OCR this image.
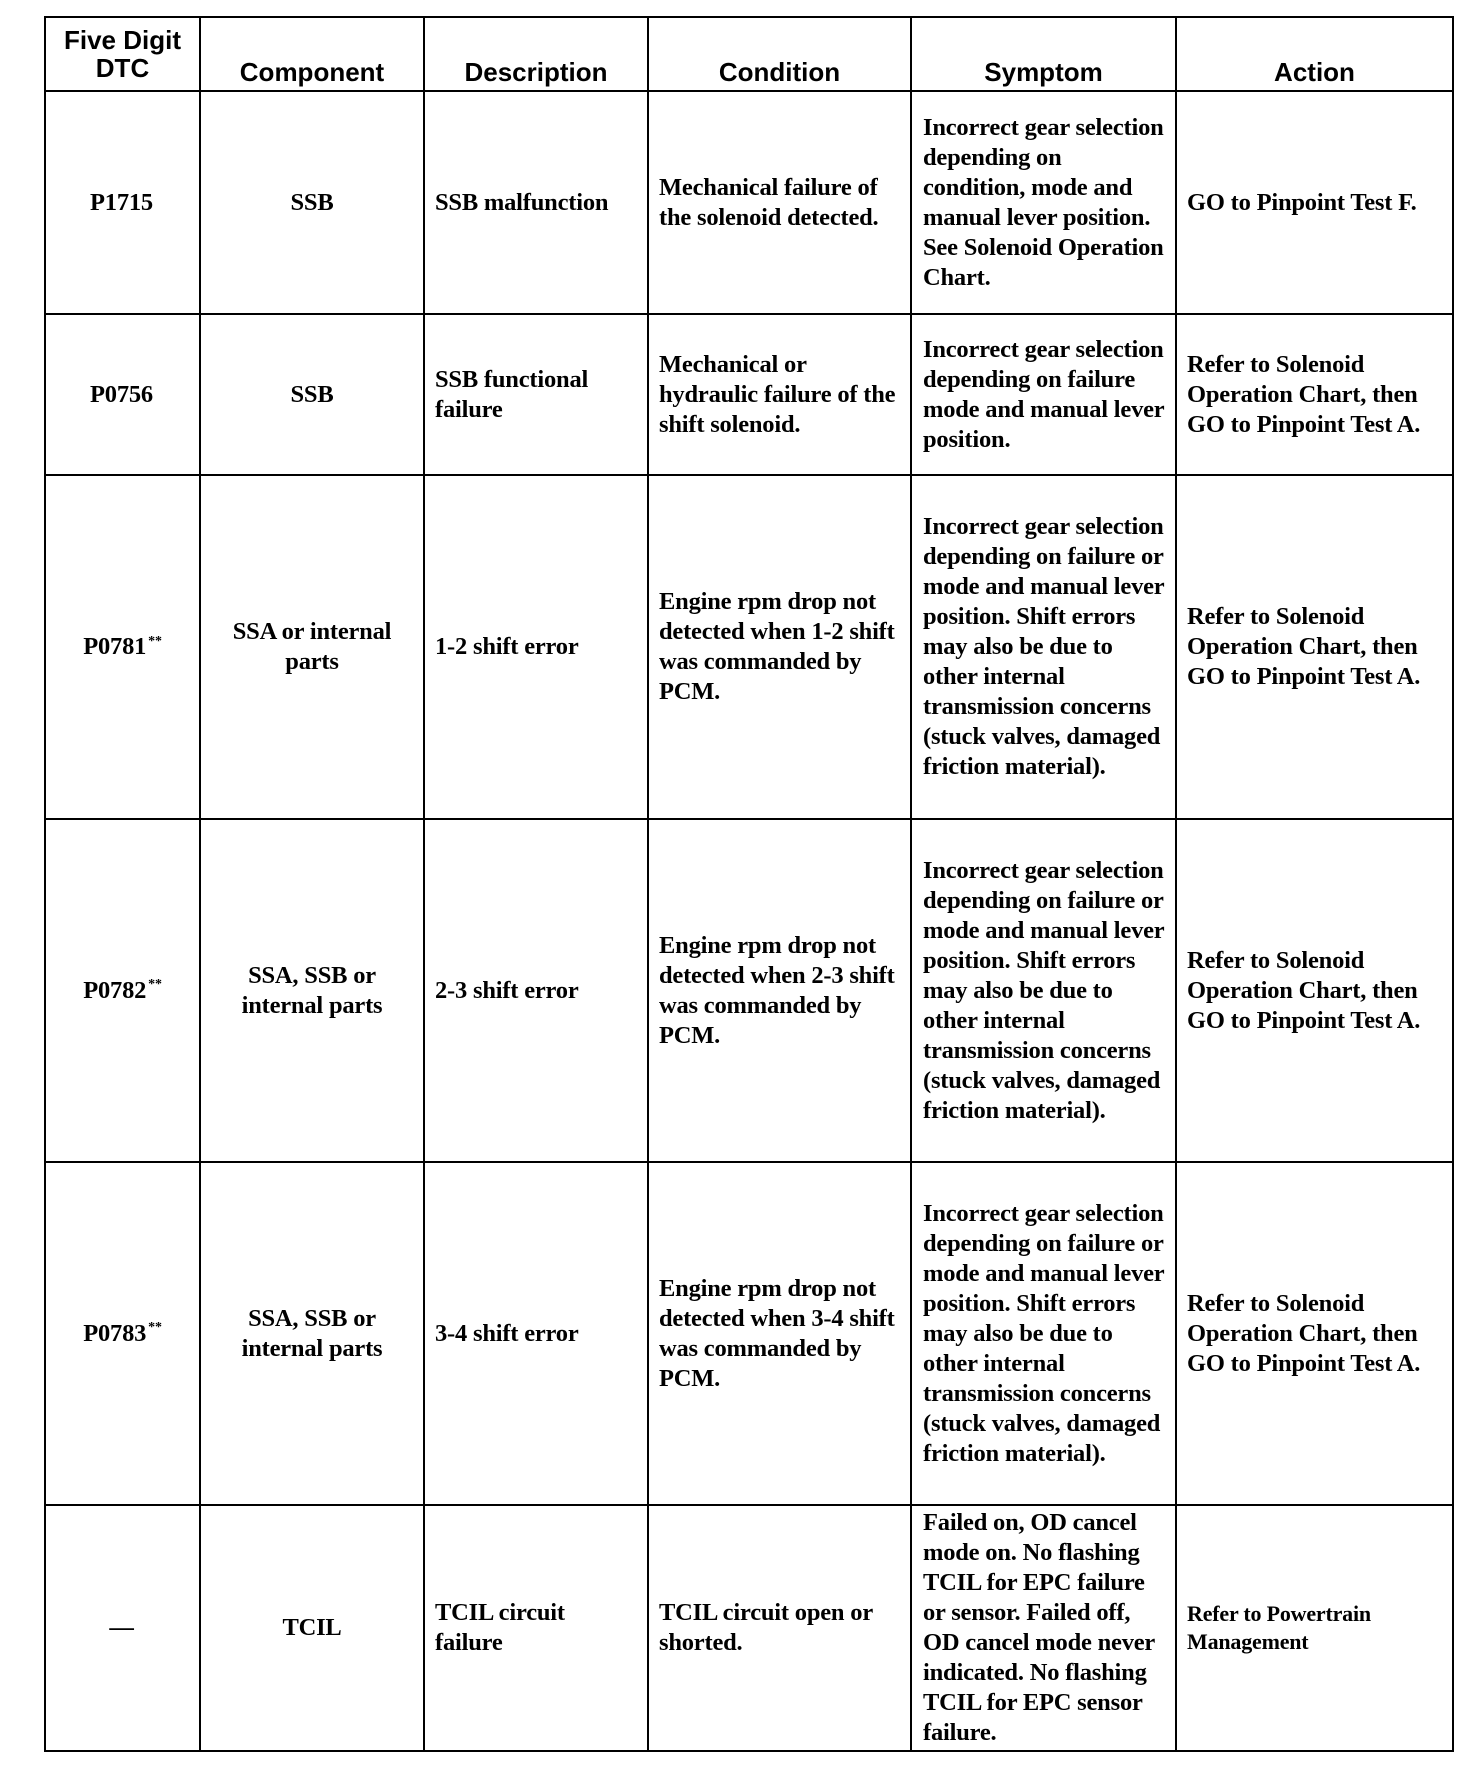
Five Digit DTC	Component	Description	Condition	Symptom	Action
P1715	SSB	SSB malfunction	Mechanical failure of the solenoid detected.	Incorrect gear selection depending on condition, mode and manual lever position. See Solenoid Operation Chart.	GO to Pinpoint Test F.
P0756	SSB	SSB functional failure	Mechanical or hydraulic failure of the shift solenoid.	Incorrect gear selection depending on failure mode and manual lever position.	Refer to Solenoid Operation Chart, then GO to Pinpoint Test A.
P0781 **	SSA or internal parts	1-2 shift error	Engine rpm drop not detected when 1-2 shift was commanded by PCM.	Incorrect gear selection depending on failure or mode and manual lever position. Shift errors may also be due to other internal transmission concerns (stuck valves, damaged friction material).	Refer to Solenoid Operation Chart, then GO to Pinpoint Test A.
P0782 **	SSA, SSB or internal parts	2-3 shift error	Engine rpm drop not detected when 2-3 shift was commanded by PCM.	Incorrect gear selection depending on failure or mode and manual lever position. Shift errors may also be due to other internal transmission concerns (stuck valves, damaged friction material).	Refer to Solenoid Operation Chart, then GO to Pinpoint Test A.
P0783 **	SSA, SSB or internal parts	3-4 shift error	Engine rpm drop not detected when 3-4 shift was commanded by PCM.	Incorrect gear selection depending on failure or mode and manual lever position. Shift errors may also be due to other internal transmission concerns (stuck valves, damaged friction material).	Refer to Solenoid Operation Chart, then GO to Pinpoint Test A.
—	TCIL	TCIL circuit failure	TCIL circuit open or shorted.	Failed on, OD cancel mode on. No flashing TCIL for EPC failure or sensor. Failed off, OD cancel mode never indicated. No flashing TCIL for EPC sensor failure.	Refer to Powertrain Management
